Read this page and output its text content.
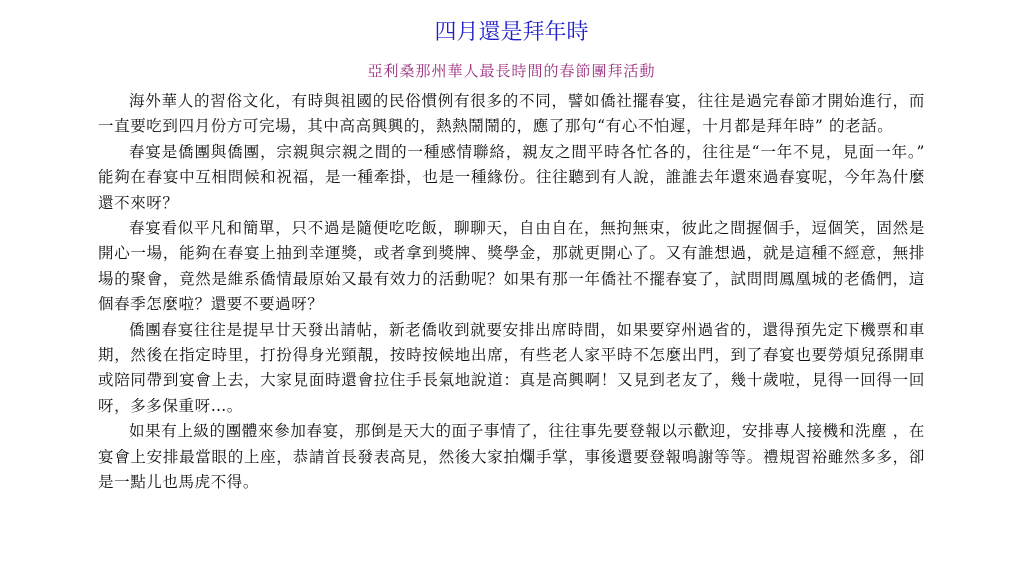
四月還是拜年時
亞利桑那州華人最長時間的春節團拜活動

海外華人的習俗文化，有時與祖國的民俗慣例有很多的不同，譬如僑社擺春宴，往往是過完春節才開始進行，而一直要吃到四月份方可完場，其中高高興興的，熱熱鬧鬧的，應了那句“有心不怕遲，十月都是拜年時” 的老話。

春宴是僑團與僑團，宗親與宗親之間的一種感情聯絡，親友之間平時各忙各的，往往是“一年不見，見面一年。” 能夠在春宴中互相問候和祝福，是一種牽掛，也是一種緣份。往往聽到有人說，誰誰去年還來過春宴呢，今年為什麼還不來呀？

春宴看似平凡和簡單，只不過是隨便吃吃飯，聊聊天，自由自在，無拘無束，彼此之間握個手，逗個笑，固然是開心一場，能夠在春宴上抽到幸運獎，或者拿到獎牌、獎學金，那就更開心了。又有誰想過，就是這種不經意，無排場的聚會，竟然是維系僑情最原始又最有效力的活動呢？如果有那一年僑社不擺春宴了，試問問鳳凰城的老僑們，這個春季怎麼啦？還要不要過呀？

僑團春宴往往是提早廿天發出請帖，新老僑收到就要安排出席時間，如果要穿州過省的，還得預先定下機票和車期，然後在指定時里，打扮得身光頸靚，按時按候地出席，有些老人家平時不怎麼出門，到了春宴也要勞煩兒孫開車或陪同帶到宴會上去，大家見面時還會拉住手長氣地說道：真是高興啊！又見到老友了，幾十歲啦，見得一回得一回呀，多多保重呀…。

如果有上級的團體來參加春宴，那倒是天大的面子事情了，往往事先要登報以示歡迎，安排專人接機和洗塵 ，在宴會上安排最當眼的上座，恭請首長發表高見，然後大家拍爛手掌，事後還要登報鳴謝等等。禮規習裕雖然多多，卻是一點儿也馬虎不得。
